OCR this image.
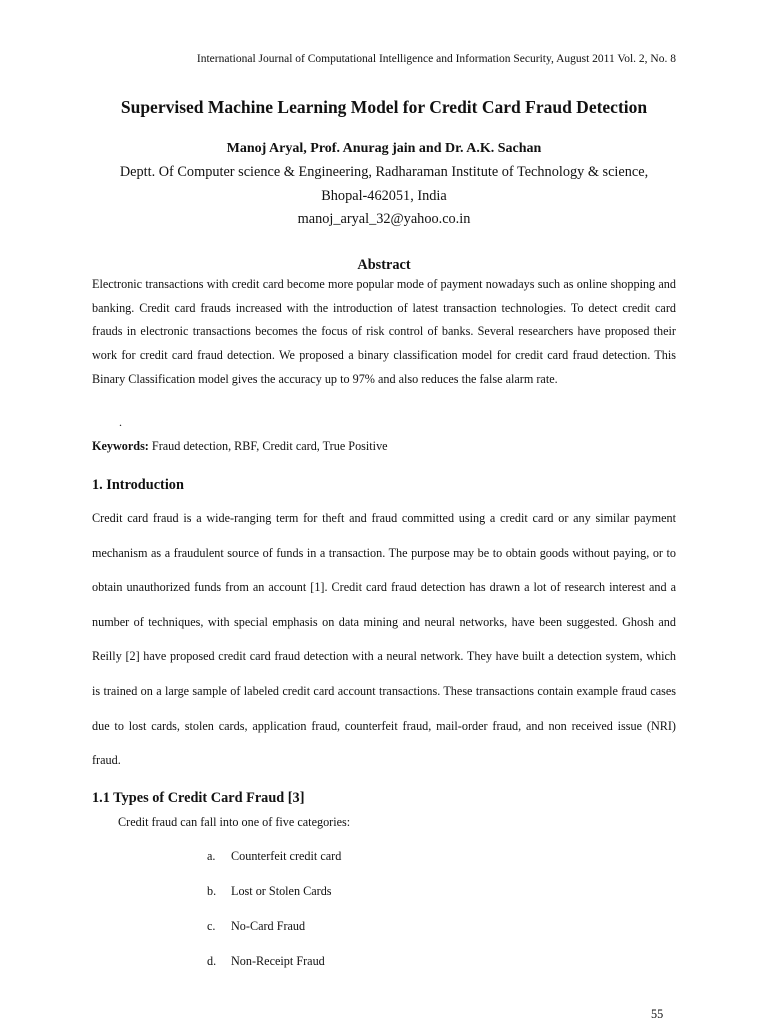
International Journal of Computational Intelligence and Information Security, August 2011 Vol. 2, No. 8
Supervised Machine Learning Model for Credit Card Fraud Detection
Manoj Aryal, Prof. Anurag jain and Dr. A.K. Sachan
Deptt. Of Computer science & Engineering, Radharaman Institute of Technology & science,
Bhopal-462051, India
manoj_aryal_32@yahoo.co.in
Abstract

Electronic transactions with credit card become more popular mode of payment nowadays such as online shopping and banking. Credit card frauds increased with the introduction of latest transaction technologies. To detect credit card frauds in electronic transactions becomes the focus of risk control of banks. Several researchers have proposed their work for credit card fraud detection. We proposed a binary classification model for credit card fraud detection. This Binary Classification model gives the accuracy up to 97% and also reduces the false alarm rate.

.
Keywords: Fraud detection, RBF, Credit card, True Positive
1. Introduction

Credit card fraud is a wide-ranging term for theft and fraud committed using a credit card or any similar payment mechanism as a fraudulent source of funds in a transaction. The purpose may be to obtain goods without paying, or to obtain unauthorized funds from an account [1]. Credit card fraud detection has drawn a lot of research interest and a number of techniques, with special emphasis on data mining and neural networks, have been suggested. Ghosh and Reilly [2] have proposed credit card fraud detection with a neural network. They have built a detection system, which is trained on a large sample of labeled credit card account transactions. These transactions contain example fraud cases due to lost cards, stolen cards, application fraud, counterfeit fraud, mail-order fraud, and non received issue (NRI) fraud.

1.1 Types of Credit Card Fraud [3]
Credit fraud can fall into one of five categories:
a. Counterfeit credit card
b. Lost or Stolen Cards
c. No-Card Fraud
d. Non-Receipt Fraud
55
